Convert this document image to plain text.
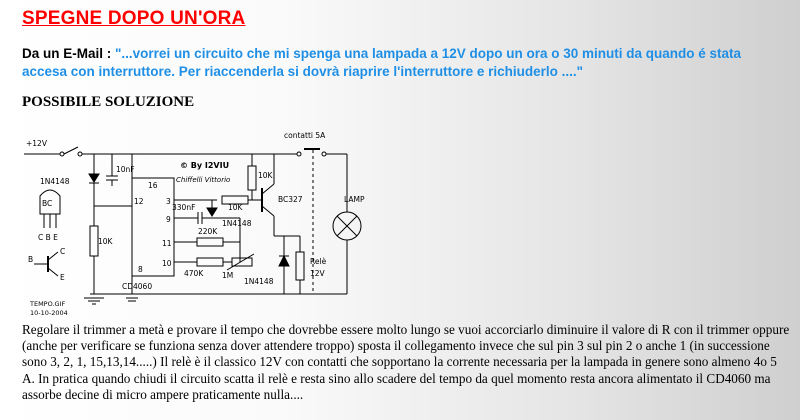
SPEGNE DOPO UN'ORA
Da un E-Mail : "...vorrei un circuito che mi spenga una lampada a 12V dopo un ora o 30 minuti da quando é stata accesa con interruttore. Per riaccenderla si dovrà riaprire l'interruttore e richiuderlo ...."
POSSIBILE SOLUZIONE
+12V
1N4148
10nF	© By I2VIU
Chiffelli Vittorio	10K
contatti 5A
LAMP
BC327
10K
330nF
1N4148
10K
220K
470K	1M
1N4148
Relè
12V
CD4060
16
12	3
9
11
10
8
BC
C B E
B
C
E
TEMPO.GIF
10-10-2004
Regolare il trimmer a metà e provare il tempo che dovrebbe essere molto lungo se vuoi accorciarlo diminuire il valore di R con il trimmer oppure (anche per verificare se funziona senza dover attendere troppo) sposta il collegamento invece che sul pin 3 sul pin 2 o anche 1 (in successione sono 3, 2, 1, 15,13,14.....) Il relè è il classico 12V con contatti che sopportano la corrente necessaria per la lampada in genere sono almeno 4o 5 A. In pratica quando chiudi il circuito scatta il relè e resta sino allo scadere del tempo da quel momento resta ancora alimentato il CD4060 ma assorbe decine di micro ampere praticamente nulla....
